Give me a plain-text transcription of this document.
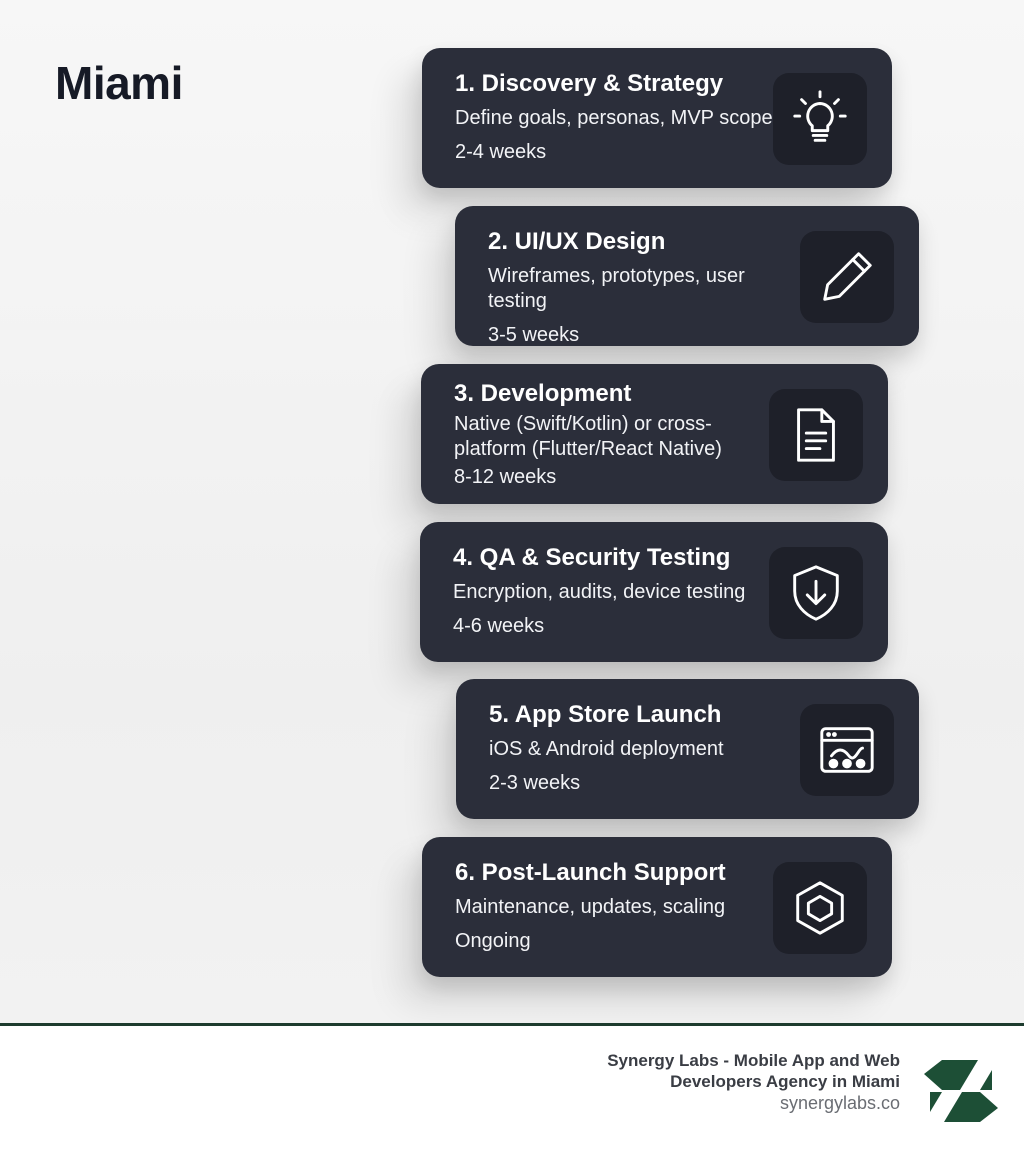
Miami	1. Discovery & Strategy
Define goals, personas, MVP scope
2-4 weeks
2. UI/UX Design
Wireframes, prototypes, user testing
3-5 weeks
3. Development
Native (Swift/Kotlin) or cross-platform (Flutter/React Native)
8-12 weeks
4. QA & Security Testing
Encryption, audits, device testing
4-6 weeks
5. App Store Launch
iOS & Android deployment
2-3 weeks
6. Post-Launch Support
Maintenance, updates, scaling
Ongoing
Synergy Labs - Mobile App and Web
Developers Agency in Miami
synergylabs.co
